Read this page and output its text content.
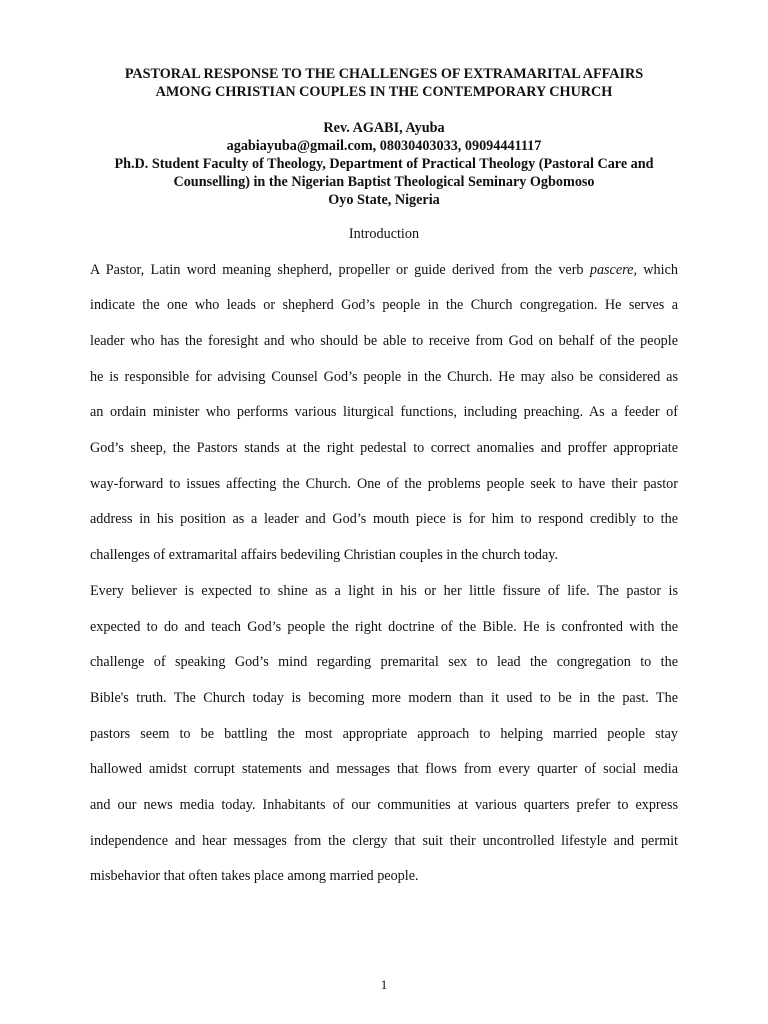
PASTORAL RESPONSE TO THE CHALLENGES OF EXTRAMARITAL AFFAIRS
AMONG CHRISTIAN COUPLES IN THE CONTEMPORARY CHURCH
Rev. AGABI, Ayuba
agabiayuba@gmail.com, 08030403033, 09094441117
Ph.D. Student Faculty of Theology, Department of Practical Theology (Pastoral Care and
Counselling) in the Nigerian Baptist Theological Seminary Ogbomoso
Oyo State, Nigeria
Introduction
A Pastor, Latin word meaning shepherd, propeller or guide derived from the verb pascere, which
indicate the one who leads or shepherd God’s people in the Church congregation. He serves a
leader who has the foresight and who should be able to receive from God on behalf of the people
he is responsible for advising Counsel God’s people in the Church. He may also be considered as
an ordain minister who performs various liturgical functions, including preaching. As a feeder of
God’s sheep, the Pastors stands at the right pedestal to correct anomalies and proffer appropriate
way-forward to issues affecting the Church. One of the problems people seek to have their pastor
address in his position as a leader and God’s mouth piece is for him to respond credibly to the
challenges of extramarital affairs bedeviling Christian couples in the church today.
Every believer is expected to shine as a light in his or her little fissure of life. The pastor is
expected to do and teach God’s people the right doctrine of the Bible. He is confronted with the
challenge of speaking God’s mind regarding premarital sex to lead the congregation to the
Bible's truth. The Church today is becoming more modern than it used to be in the past. The
pastors seem to be battling the most appropriate approach to helping married people stay
hallowed amidst corrupt statements and messages that flows from every quarter of social media
and our news media today. Inhabitants of our communities at various quarters prefer to express
independence and hear messages from the clergy that suit their uncontrolled lifestyle and permit
misbehavior that often takes place among married people.
1
